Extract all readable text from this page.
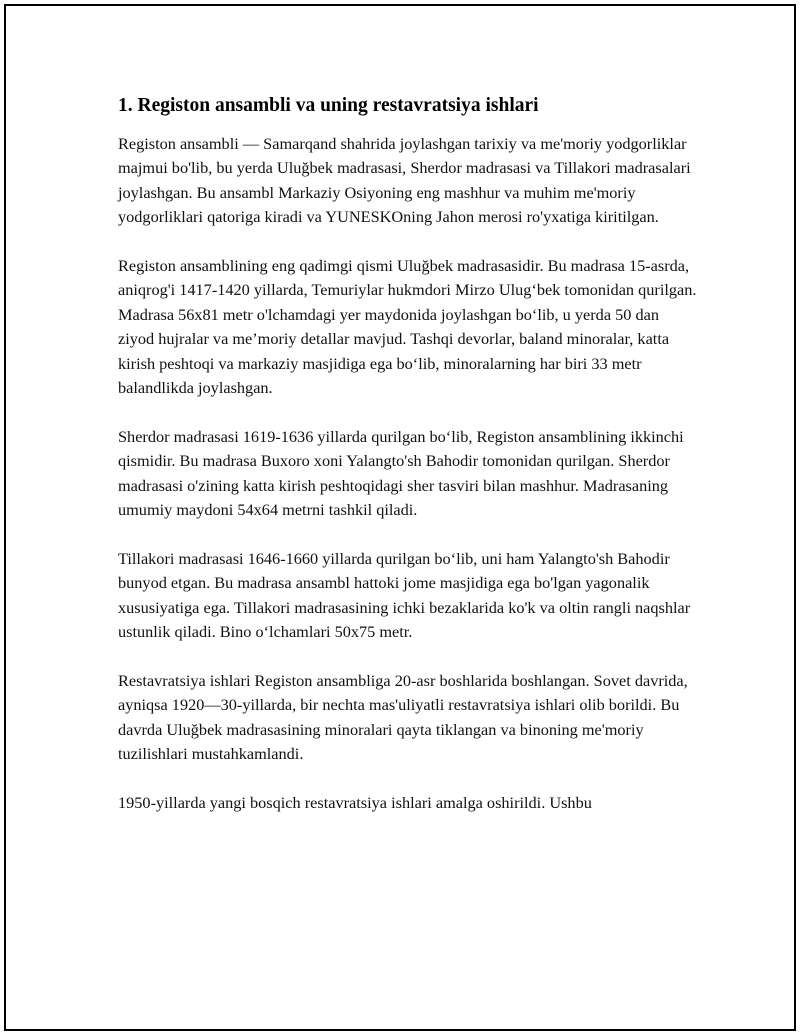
1. Registon ansambli va uning restavratsiya ishlari

Registon ansambli — Samarqand shahrida joylashgan tarixiy va me'moriy yodgorliklar majmui bo'lib, bu yerda Uluğbek madrasasi, Sherdor madrasasi va Tillakori madrasalari joylashgan. Bu ansambl Markaziy Osiyoning eng mashhur va muhim me'moriy yodgorliklari qatoriga kiradi va YUNESKOning Jahon merosi ro'yxatiga kiritilgan.

Registon ansamblining eng qadimgi qismi Uluğbek madrasasidir. Bu madrasa 15-asrda, aniqrog'i 1417-1420 yillarda, Temuriylar hukmdori Mirzo Ulug‘bek tomonidan qurilgan. Madrasa 56x81 metr o'lchamdagi yer maydonida joylashgan bo‘lib, u yerda 50 dan ziyod hujralar va me’moriy detallar mavjud. Tashqi devorlar, baland minoralar, katta kirish peshtoqi va markaziy masjidiga ega bo‘lib, minoralarning har biri 33 metr balandlikda joylashgan.

Sherdor madrasasi 1619-1636 yillarda qurilgan bo‘lib, Registon ansamblining ikkinchi qismidir. Bu madrasa Buxoro xoni Yalangto'sh Bahodir tomonidan qurilgan. Sherdor madrasasi o'zining katta kirish peshtoqidagi sher tasviri bilan mashhur. Madrasaning umumiy maydoni 54x64 metrni tashkil qiladi.

Tillakori madrasasi 1646-1660 yillarda qurilgan bo‘lib, uni ham Yalangto'sh Bahodir bunyod etgan. Bu madrasa ansambl hattoki jome masjidiga ega bo'lgan yagonalik xususiyatiga ega. Tillakori madrasasining ichki bezaklarida ko'k va oltin rangli naqshlar ustunlik qiladi. Bino o‘lchamlari 50x75 metr.

Restavratsiya ishlari Registon ansambliga 20-asr boshlarida boshlangan. Sovet davrida, ayniqsa 1920—30-yillarda, bir nechta mas'uliyatli restavratsiya ishlari olib borildi. Bu davrda Uluğbek madrasasining minoralari qayta tiklangan va binoning me'moriy tuzilishlari mustahkamlandi.

1950-yillarda yangi bosqich restavratsiya ishlari amalga oshirildi. Ushbu
